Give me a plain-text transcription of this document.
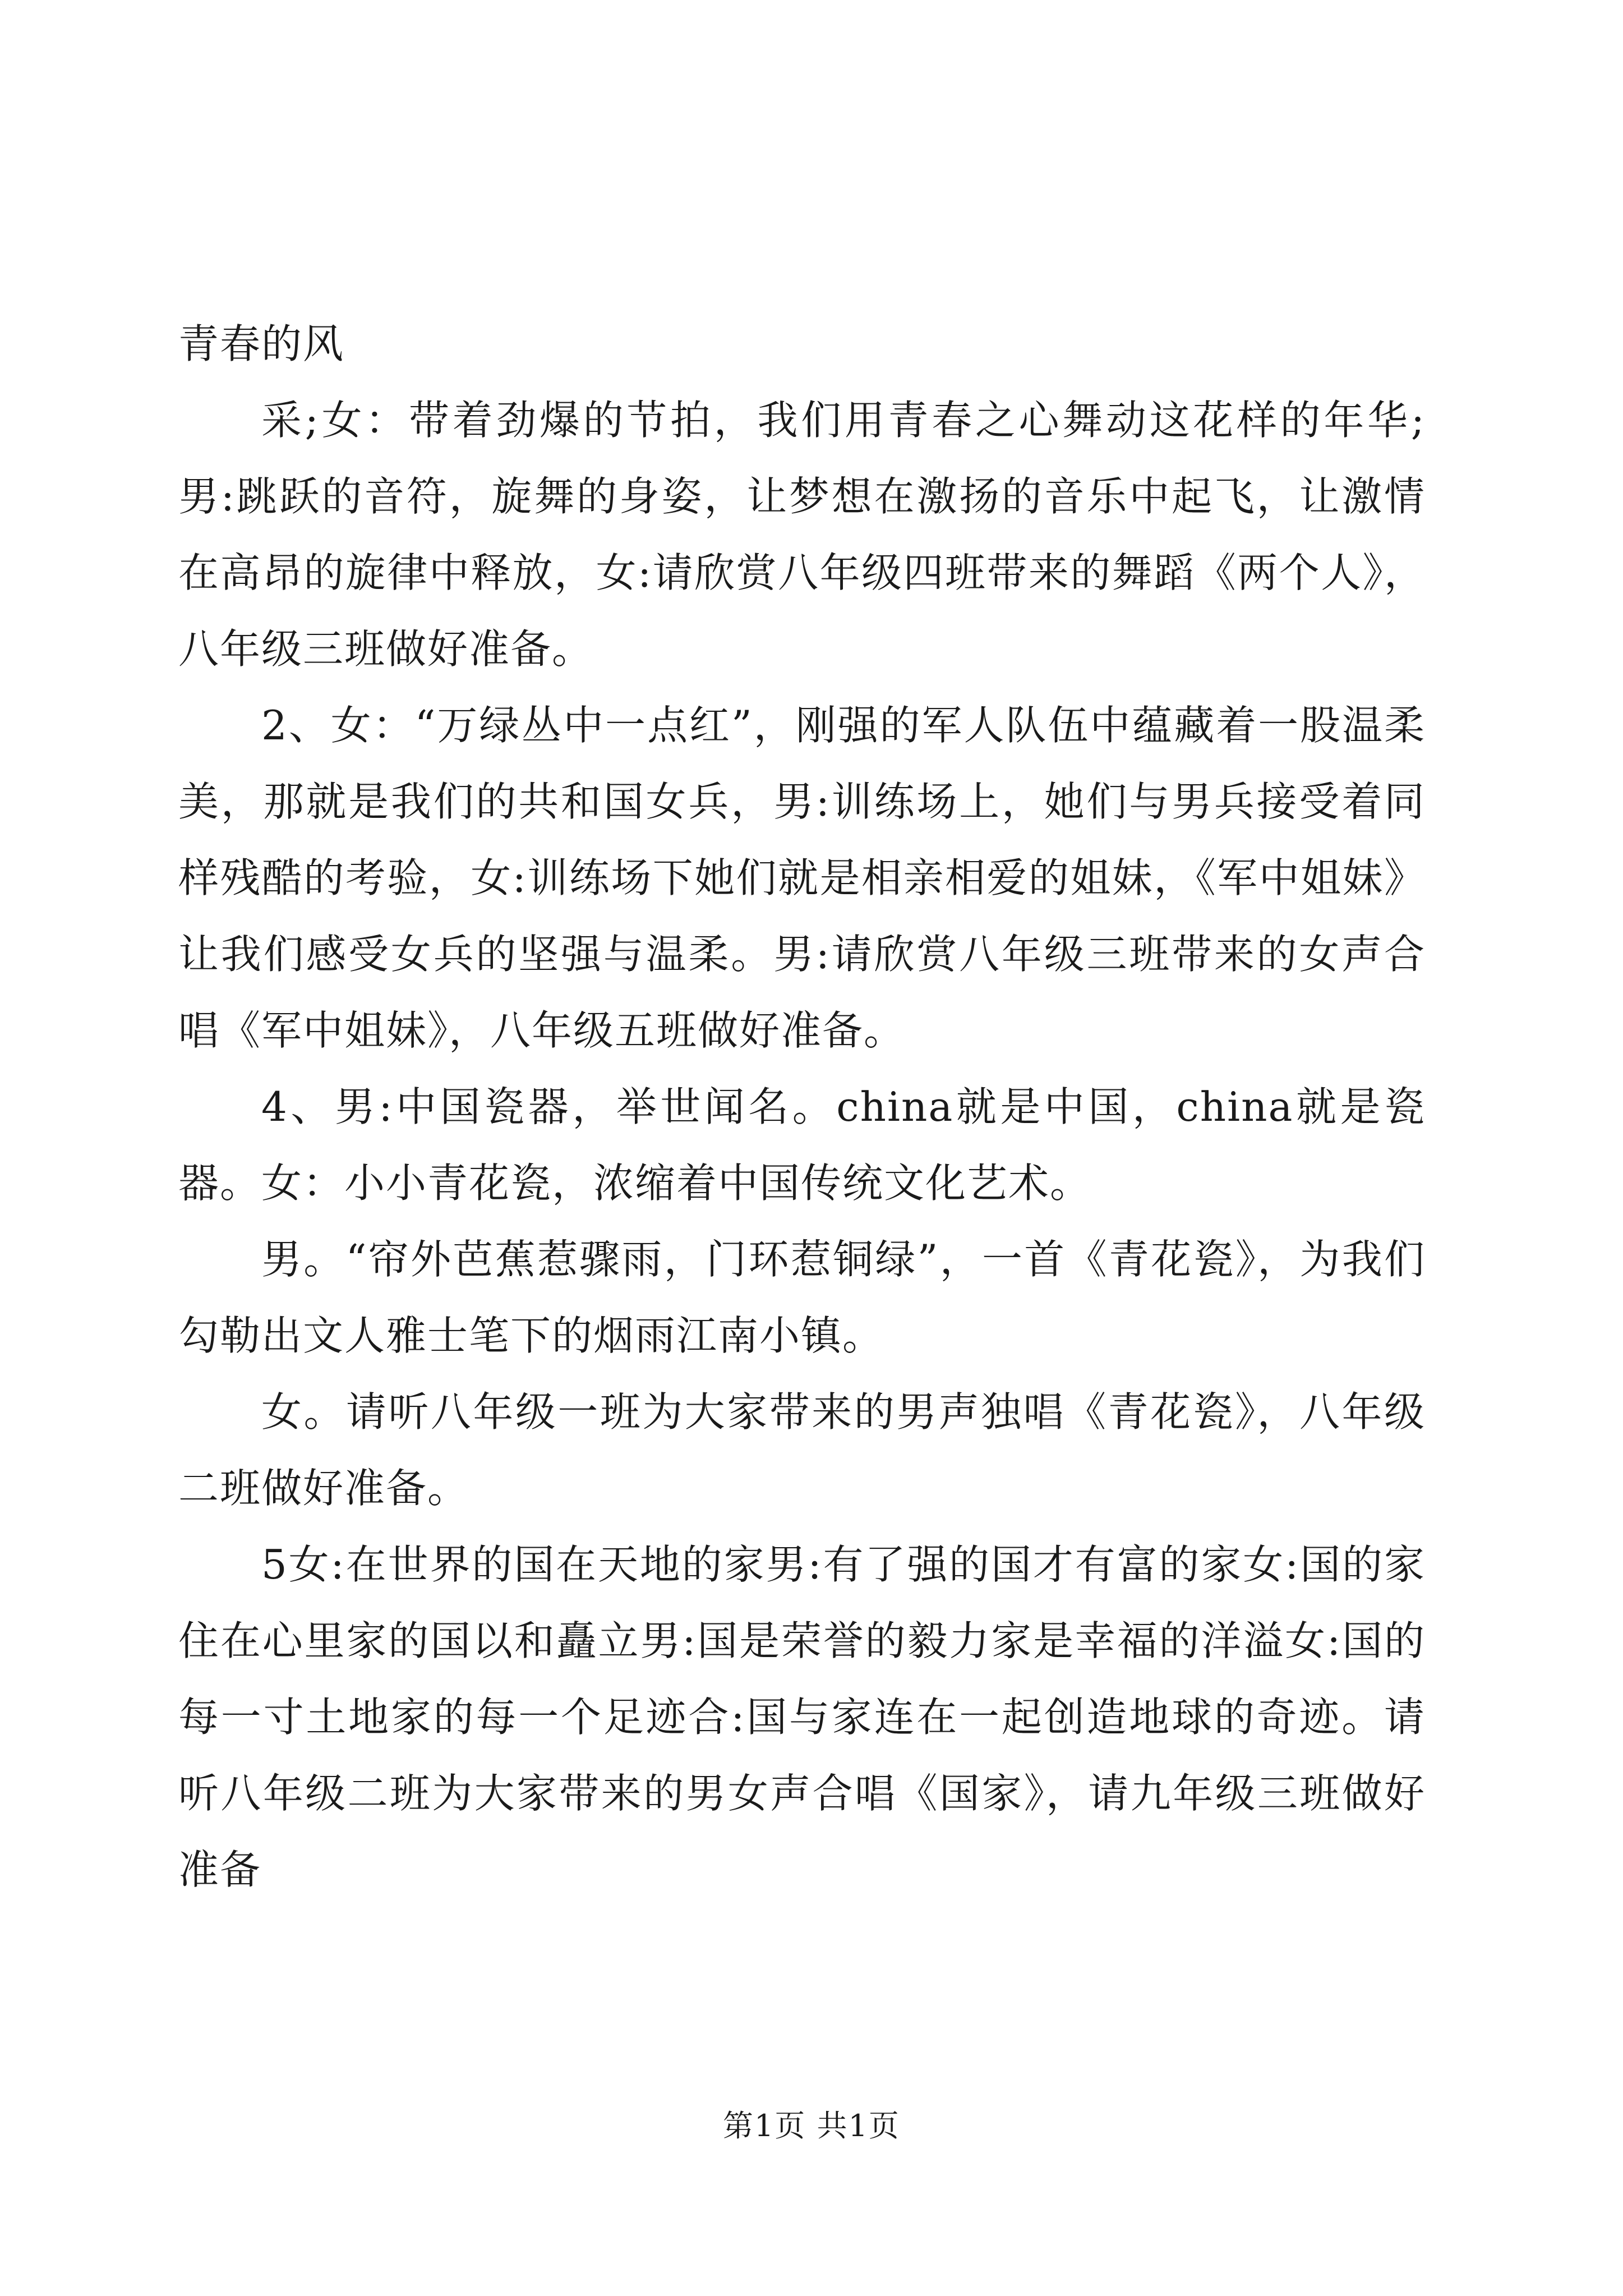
青春的风

采;女：带着劲爆的节拍，我们用青春之心舞动这花样的年华;男:跳跃的音符，旋舞的身姿，让梦想在激扬的音乐中起飞，让激情在高昂的旋律中释放，女:请欣赏八年级四班带来的舞蹈《两个人》，八年级三班做好准备。

2、女：“万绿丛中一点红”，刚强的军人队伍中蕴藏着一股温柔美，那就是我们的共和国女兵，男:训练场上，她们与男兵接受着同样残酷的考验，女:训练场下她们就是相亲相爱的姐妹，《军中姐妹》让我们感受女兵的坚强与温柔。男:请欣赏八年级三班带来的女声合唱《军中姐妹》，八年级五班做好准备。

4、男:中国瓷器，举世闻名。china就是中国，china就是瓷器。女：小小青花瓷，浓缩着中国传统文化艺术。

男。“帘外芭蕉惹骤雨，门环惹铜绿”，一首《青花瓷》，为我们勾勒出文人雅士笔下的烟雨江南小镇。

女。请听八年级一班为大家带来的男声独唱《青花瓷》，八年级二班做好准备。

5女:在世界的国在天地的家男:有了强的国才有富的家女:国的家住在心里家的国以和矗立男:国是荣誉的毅力家是幸福的洋溢女:国的每一寸土地家的每一个足迹合:国与家连在一起创造地球的奇迹。请听八年级二班为大家带来的男女声合唱《国家》，请九年级三班做好准备

第1页 共1页
